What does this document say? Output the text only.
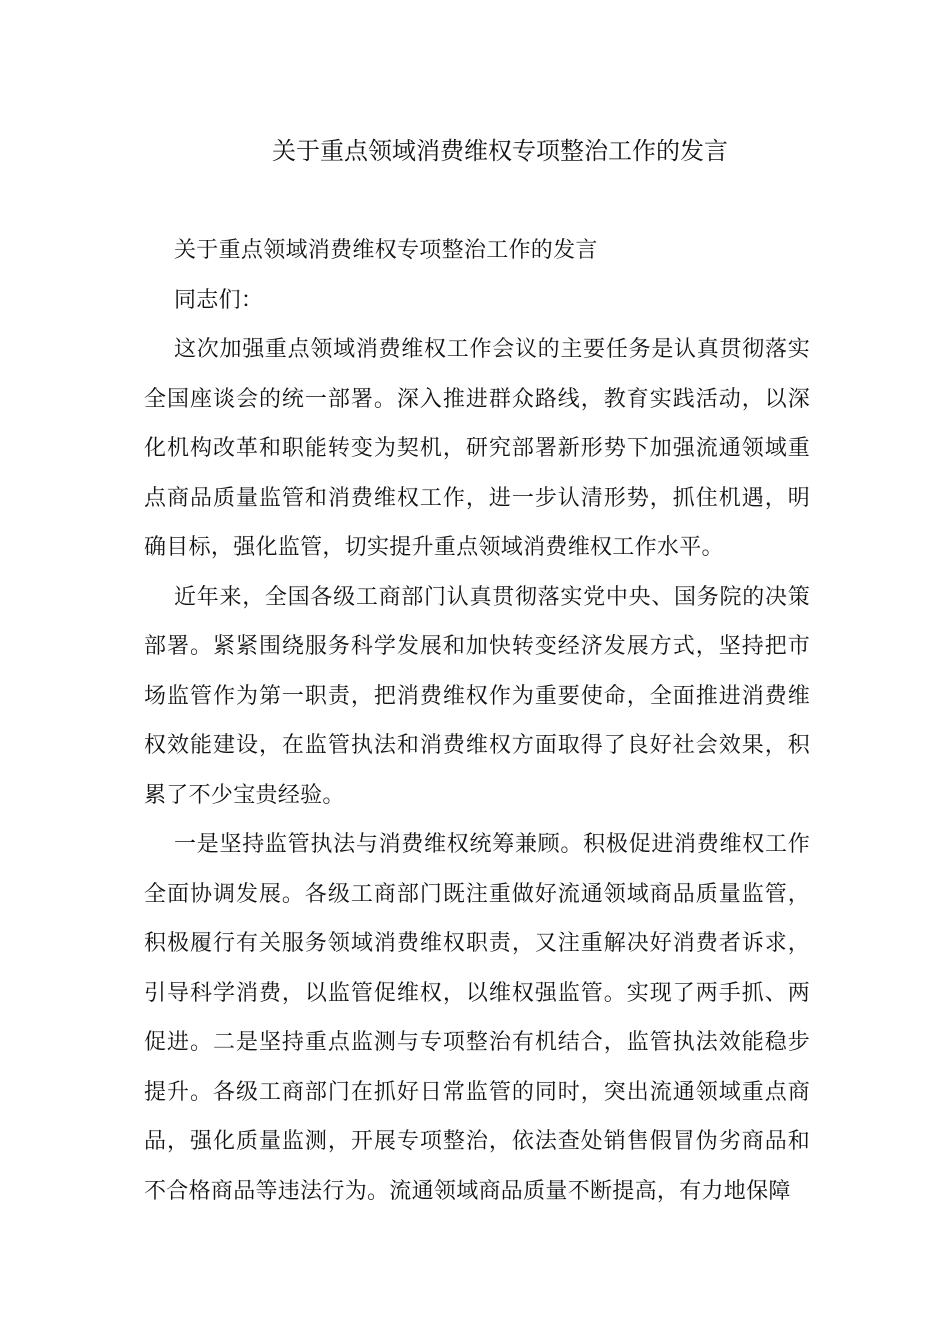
关于重点领域消费维权专项整治工作的发言

关于重点领域消费维权专项整治工作的发言

同志们：

这次加强重点领域消费维权工作会议的主要任务是认真贯彻落实全国座谈会的统一部署。深入推进群众路线，教育实践活动，以深化机构改革和职能转变为契机，研究部署新形势下加强流通领域重点商品质量监管和消费维权工作，进一步认清形势，抓住机遇，明确目标，强化监管，切实提升重点领域消费维权工作水平。

近年来，全国各级工商部门认真贯彻落实党中央、国务院的决策部署。紧紧围绕服务科学发展和加快转变经济发展方式，坚持把市场监管作为第一职责，把消费维权作为重要使命，全面推进消费维权效能建设，在监管执法和消费维权方面取得了良好社会效果，积累了不少宝贵经验。

一是坚持监管执法与消费维权统筹兼顾。积极促进消费维权工作全面协调发展。各级工商部门既注重做好流通领域商品质量监管，积极履行有关服务领域消费维权职责，又注重解决好消费者诉求，引导科学消费，以监管促维权，以维权强监管。实现了两手抓、两促进。二是坚持重点监测与专项整治有机结合，监管执法效能稳步提升。各级工商部门在抓好日常监管的同时，突出流通领域重点商品，强化质量监测，开展专项整治，依法查处销售假冒伪劣商品和不合格商品等违法行为。流通领域商品质量不断提高，有力地保障
